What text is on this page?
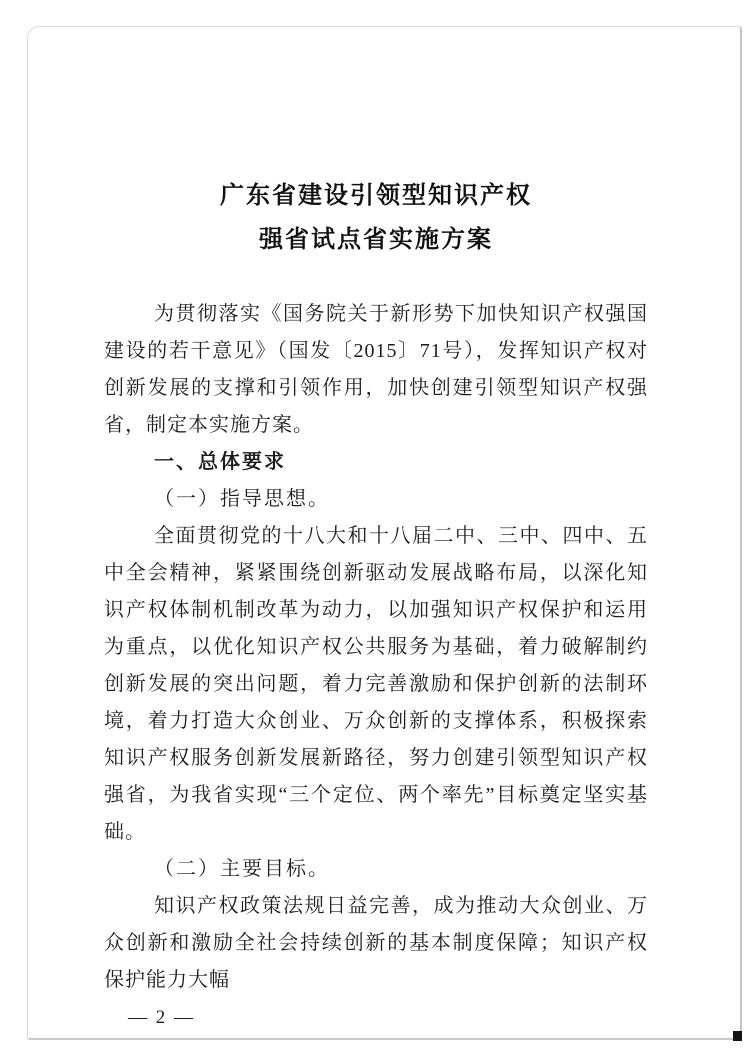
广东省建设引领型知识产权
强省试点省实施方案

为贯彻落实《国务院关于新形势下加快知识产权强国建设的若干意见》（国发〔2015〕71号），发挥知识产权对创新发展的支撑和引领作用，加快创建引领型知识产权强省，制定本实施方案。

一、总体要求

（一）指导思想。

全面贯彻党的十八大和十八届二中、三中、四中、五中全会精神，紧紧围绕创新驱动发展战略布局，以深化知识产权体制机制改革为动力，以加强知识产权保护和运用为重点，以优化知识产权公共服务为基础，着力破解制约创新发展的突出问题，着力完善激励和保护创新的法制环境，着力打造大众创业、万众创新的支撑体系，积极探索知识产权服务创新发展新路径，努力创建引领型知识产权强省，为我省实现“三个定位、两个率先”目标奠定坚实基础。

（二）主要目标。

知识产权政策法规日益完善，成为推动大众创业、万众创新和激励全社会持续创新的基本制度保障；知识产权保护能力大幅

— 2 —
